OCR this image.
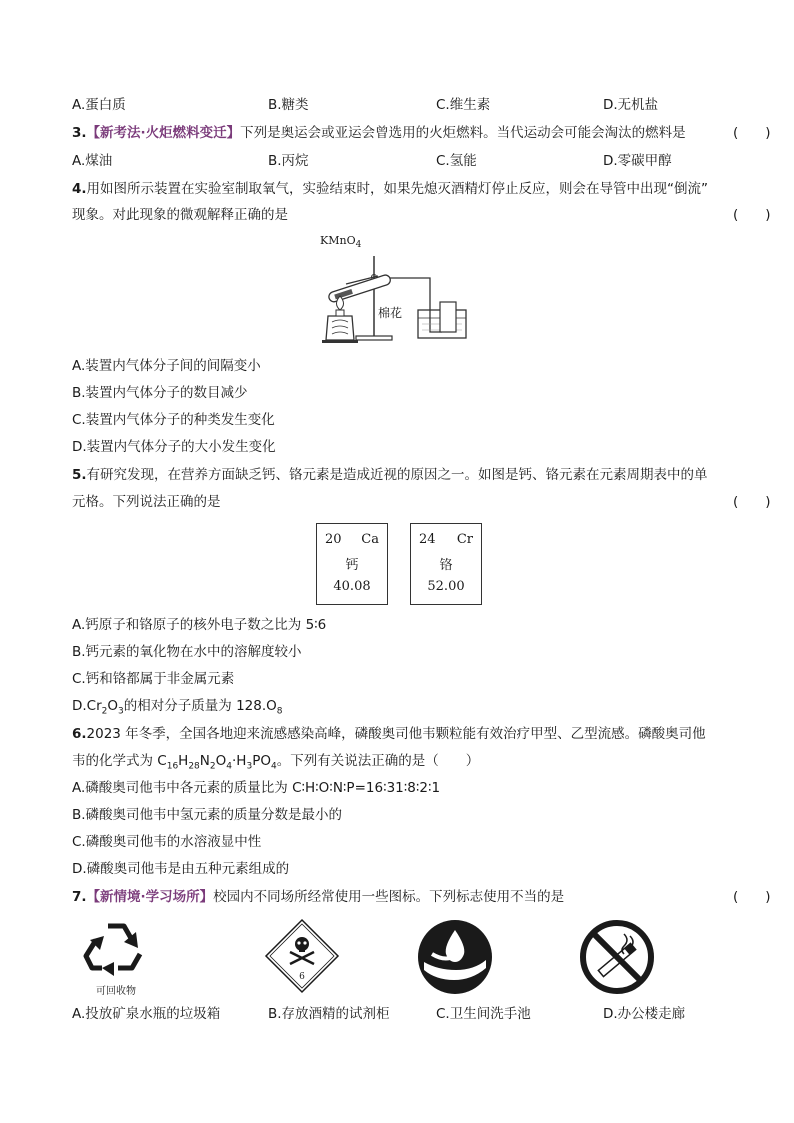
A.蛋白质	B.糖类	C.维生素	D.无机盐
3.【新考法·火炬燃料变迁】下列是奥运会或亚运会曾选用的火炬燃料。当代运动会可能会淘汰的燃料是	(　　)
A.煤油	B.丙烷	C.氢能	D.零碳甲醇
4.用如图所示装置在实验室制取氧气，实验结束时，如果先熄灭酒精灯停止反应，则会在导管中出现“倒流”
现象。对此现象的微观解释正确的是	(　　)
KMnO$_4$
棉花
A.装置内气体分子间的间隔变小
B.装置内气体分子的数目减少
C.装置内气体分子的种类发生变化
D.装置内气体分子的大小发生变化
5.有研究发现，在营养方面缺乏钙、铬元素是造成近视的原因之一。如图是钙、铬元素在元素周期表中的单
元格。下列说法正确的是	(　　)
20 Ca
钙
40.08
24 Cr
铬
52.00
A.钙原子和铬原子的核外电子数之比为 5∶6
B.钙元素的氧化物在水中的溶解度较小
C.钙和铬都属于非金属元素
$D.Cr_2O_3$的相对分子质量为 $128.O_8$
6.2023 年冬季，全国各地迎来流感感染高峰，磷酸奥司他韦颗粒能有效治疗甲型、乙型流感。磷酸奥司他
韦的化学式为 $C_{16}H_{28}N_2O_4\cdot H_3PO_4$。下列有关说法正确的是（　　）
A.磷酸奥司他韦中各元素的质量比为 C∶H∶O∶N∶P=16∶31∶8∶2∶1
B.磷酸奥司他韦中氢元素的质量分数是最小的
C.磷酸奥司他韦的水溶液显中性
D.磷酸奥司他韦是由五种元素组成的
7.【新情境·学习场所】校园内不同场所经常使用一些图标。下列标志使用不当的是	(　　)
可回收物
6
A.投放矿泉水瓶的垃圾箱	B.存放酒精的试剂柜	C.卫生间洗手池	D.办公楼走廊
